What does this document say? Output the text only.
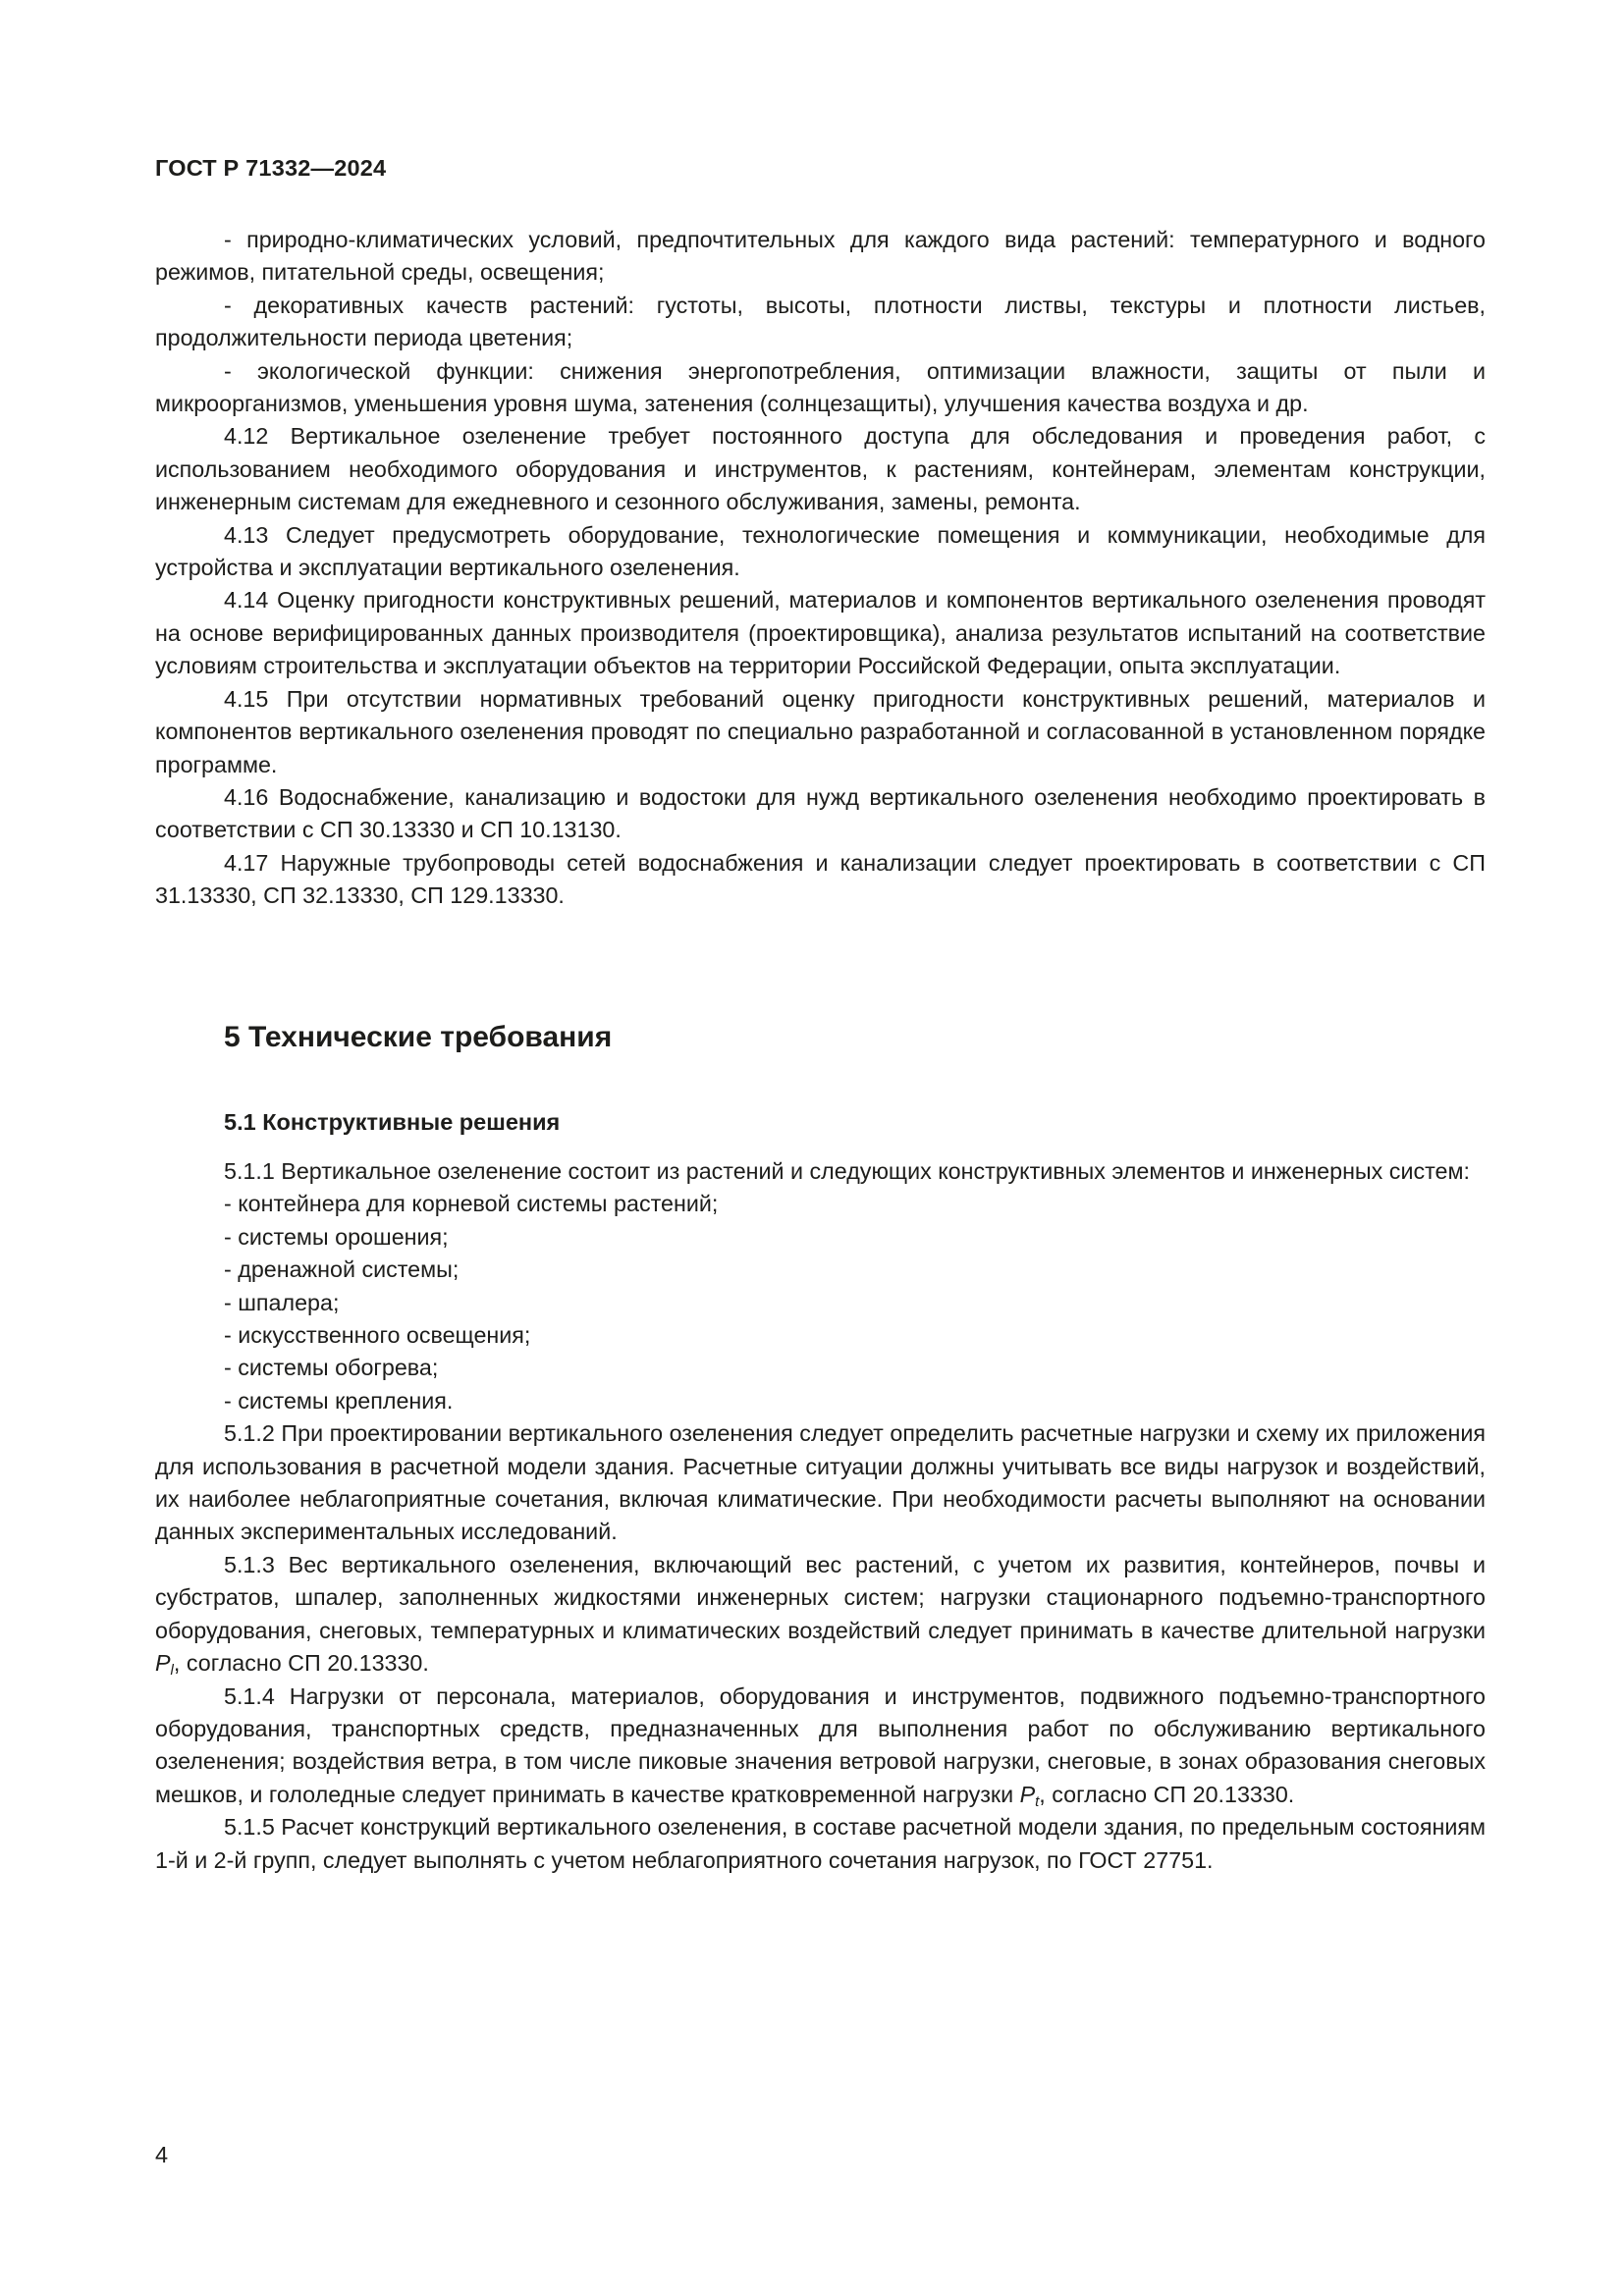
ГОСТ Р 71332—2024

- природно-климатических условий, предпочтительных для каждого вида растений: температурного и водного режимов, питательной среды, освещения;

- декоративных качеств растений: густоты, высоты, плотности листвы, текстуры и плотности листьев, продолжительности периода цветения;

- экологической функции: снижения энергопотребления, оптимизации влажности, защиты от пыли и микроорганизмов, уменьшения уровня шума, затенения (солнцезащиты), улучшения качества воздуха и др.

4.12 Вертикальное озеленение требует постоянного доступа для обследования и проведения работ, с использованием необходимого оборудования и инструментов, к растениям, контейнерам, элементам конструкции, инженерным системам для ежедневного и сезонного обслуживания, замены, ремонта.

4.13 Следует предусмотреть оборудование, технологические помещения и коммуникации, необходимые для устройства и эксплуатации вертикального озеленения.

4.14 Оценку пригодности конструктивных решений, материалов и компонентов вертикального озеленения проводят на основе верифицированных данных производителя (проектировщика), анализа результатов испытаний на соответствие условиям строительства и эксплуатации объектов на территории Российской Федерации, опыта эксплуатации.

4.15 При отсутствии нормативных требований оценку пригодности конструктивных решений, материалов и компонентов вертикального озеленения проводят по специально разработанной и согласованной в установленном порядке программе.

4.16 Водоснабжение, канализацию и водостоки для нужд вертикального озеленения необходимо проектировать в соответствии с СП 30.13330 и СП 10.13130.

4.17 Наружные трубопроводы сетей водоснабжения и канализации следует проектировать в соответствии с СП 31.13330, СП 32.13330, СП 129.13330.

5 Технические требования
5.1 Конструктивные решения

5.1.1 Вертикальное озеленение состоит из растений и следующих конструктивных элементов и инженерных систем:

- контейнера для корневой системы растений;

- системы орошения;

- дренажной системы;

- шпалера;

- искусственного освещения;

- системы обогрева;

- системы крепления.

5.1.2 При проектировании вертикального озеленения следует определить расчетные нагрузки и схему их приложения для использования в расчетной модели здания. Расчетные ситуации должны учитывать все виды нагрузок и воздействий, их наиболее неблагоприятные сочетания, включая климатические. При необходимости расчеты выполняют на основании данных экспериментальных исследований.

5.1.3 Вес вертикального озеленения, включающий вес растений, с учетом их развития, контейнеров, почвы и субстратов, шпалер, заполненных жидкостями инженерных систем; нагрузки стационарного подъемно-транспортного оборудования, снеговых, температурных и климатических воздействий следует принимать в качестве длительной нагрузки $P_l$, согласно СП 20.13330.

5.1.4 Нагрузки от персонала, материалов, оборудования и инструментов, подвижного подъемно-транспортного оборудования, транспортных средств, предназначенных для выполнения работ по обслуживанию вертикального озеленения; воздействия ветра, в том числе пиковые значения ветровой нагрузки, снеговые, в зонах образования снеговых мешков, и гололедные следует принимать в качестве кратковременной нагрузки $P_t$, согласно СП 20.13330.

5.1.5 Расчет конструкций вертикального озеленения, в составе расчетной модели здания, по предельным состояниям 1-й и 2-й групп, следует выполнять с учетом неблагоприятного сочетания нагрузок, по ГОСТ 27751.

4
